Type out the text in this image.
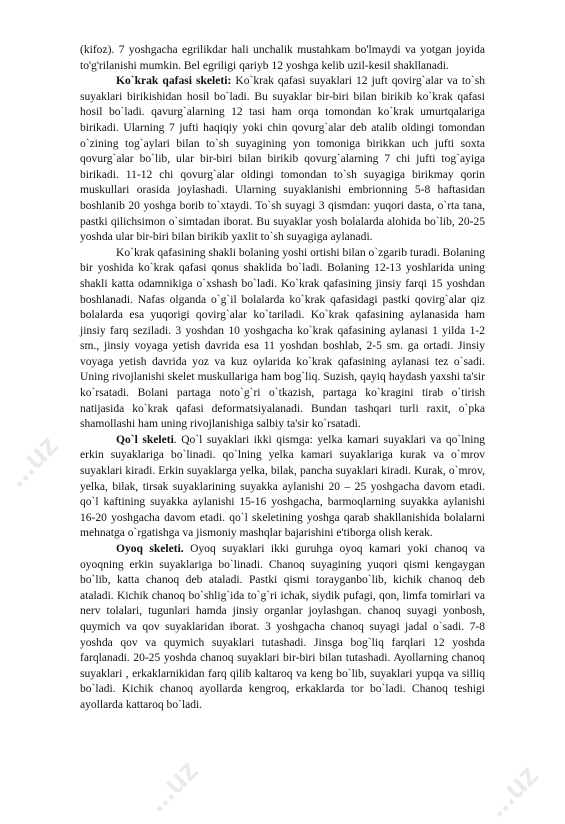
...uz
...uz	...uz

(kifoz). 7 yoshgacha egrilikdar hali unchalik mustahkam bo'lmaydi va yotgan joyida to'g'rilanishi mumkin. Bel egriligi qariyb 12 yoshga kelib uzil-kesil shakllanadi.

Ko`krak qafasi skeleti: Ko`krak qafasi suyaklari 12 juft qovirg`alar va to`sh suyaklari birikishidan hosil bo`ladi. Bu suyaklar bir-biri bilan birikib ko`krak qafasi hosil bo`ladi. qavurg`alarning 12 tasi ham orqa tomondan ko`krak umurtqalariga birikadi. Ularning 7 jufti haqiqiy yoki chin qovurg`alar deb atalib oldingi tomondan o`zining tog`aylari bilan to`sh suyagining yon tomoniga birikkan uch jufti soxta qovurg`alar bo`lib, ular bir-biri bilan birikib qovurg`alarning 7 chi jufti tog`ayiga birikadi. 11-12 chi qovurg`alar oldingi tomondan to`sh suyagiga birikmay qorin muskullari orasida joylashadi. Ularning suyaklanishi embrionning 5-8 haftasidan boshlanib 20 yoshga borib to`xtaydi. To`sh suyagi 3 qismdan: yuqori dasta, o`rta tana, pastki qilichsimon o`simtadan iborat. Bu suyaklar yosh bolalarda alohida bo`lib, 20-25 yoshda ular bir-biri bilan birikib yaxlit to`sh suyagiga aylanadi.

Ko`krak qafasining shakli bolaning yoshi ortishi bilan o`zgarib turadi. Bolaning bir yoshida ko`krak qafasi qonus shaklida bo`ladi. Bolaning 12-13 yoshlarida uning shakli katta odamnikiga o`xshash bo`ladi. Ko`krak qafasining jinsiy farqi 15 yoshdan boshlanadi. Nafas olganda o`g`il bolalarda ko`krak qafasidagi pastki qovirg`alar qiz bolalarda esa yuqorigi qovirg`alar ko`tariladi. Ko`krak qafasining aylanasida ham jinsiy farq seziladi. 3 yoshdan 10 yoshgacha ko`krak qafasining aylanasi 1 yilda 1-2 sm., jinsiy voyaga yetish davrida esa 11 yoshdan boshlab, 2-5 sm. ga ortadi. Jinsiy voyaga yetish davrida yoz va kuz oylarida ko`krak qafasining aylanasi tez o`sadi. Uning rivojlanishi skelet muskullariga ham bog`liq. Suzish, qayiq haydash yaxshi ta'sir ko`rsatadi. Bolani partaga noto`g`ri o`tkazish, partaga ko`kragini tirab o`tirish natijasida ko`krak qafasi deformatsiyalanadi. Bundan tashqari turli raxit, o`pka shamollashi ham uning rivojlanishiga salbiy ta'sir ko`rsatadi.

Qo`l skeleti. Qo`l suyaklari ikki qismga: yelka kamari suyaklari va qo`lning erkin suyaklariga bo`linadi. qo`lning yelka kamari suyaklariga kurak va o`mrov suyaklari kiradi. Erkin suyaklarga yelka, bilak, pancha suyaklari kiradi. Kurak, o`mrov, yelka, bilak, tirsak suyaklarining suyakka aylanishi 20 – 25 yoshgacha davom etadi. qo`l kaftining suyakka aylanishi 15-16 yoshgacha, barmoqlarning suyakka aylanishi 16-20 yoshgacha davom etadi. qo`l skeletining yoshga qarab shakllanishida bolalarni mehnatga o`rgatishga va jismoniy mashqlar bajarishini e'tiborga olish kerak.

Oyoq skeleti. Oyoq suyaklari ikki guruhga oyoq kamari yoki chanoq va oyoqning erkin suyaklariga bo`linadi. Chanoq suyagining yuqori qismi kengaygan bo`lib, katta chanoq deb ataladi. Pastki qismi torayganbo`lib, kichik chanoq deb ataladi. Kichik chanoq bo`shlig`ida to`g`ri ichak, siydik pufagi, qon, limfa tomirlari va nerv tolalari, tugunlari hamda jinsiy organlar joylashgan. chanoq suyagi yonbosh, quymich va qov suyaklaridan iborat. 3 yoshgacha chanoq suyagi jadal o`sadi. 7-8 yoshda qov va quymich suyaklari tutashadi. Jinsga bog`liq farqlari 12 yoshda farqlanadi. 20-25 yoshda chanoq suyaklari bir-biri bilan tutashadi. Ayollarning chanoq suyaklari , erkaklarnikidan farq qilib kaltaroq va keng bo`lib, suyaklari yupqa va silliq bo`ladi. Kichik chanoq ayollarda kengroq, erkaklarda tor bo`ladi. Chanoq teshigi ayollarda kattaroq bo`ladi.
